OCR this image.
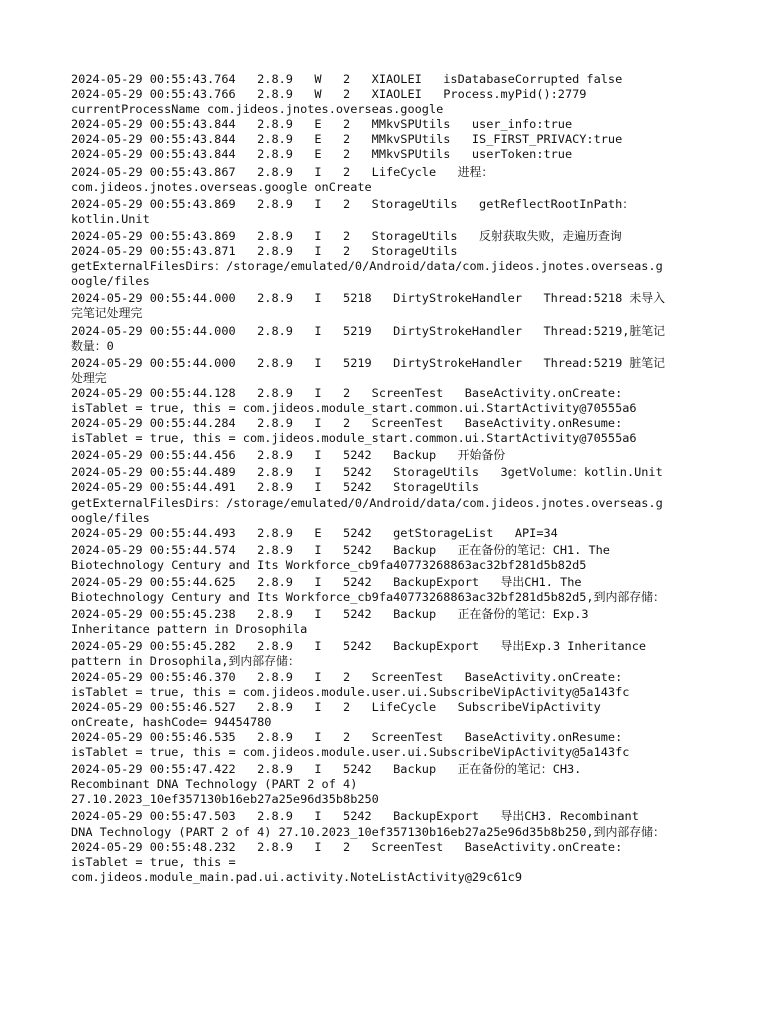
2024-05-29 00:55:43.764   2.8.9   W   2   XIAOLEI   isDatabaseCorrupted false
2024-05-29 00:55:43.766   2.8.9   W   2   XIAOLEI   Process.myPid():2779
currentProcessName com.jideos.jnotes.overseas.google
2024-05-29 00:55:43.844   2.8.9   E   2   MMkvSPUtils   user_info:true
2024-05-29 00:55:43.844   2.8.9   E   2   MMkvSPUtils   IS_FIRST_PRIVACY:true
2024-05-29 00:55:43.844   2.8.9   E   2   MMkvSPUtils   userToken:true
2024-05-29 00:55:43.867   2.8.9   I   2   LifeCycle   进程：
com.jideos.jnotes.overseas.google onCreate
2024-05-29 00:55:43.869   2.8.9   I   2   StorageUtils   getReflectRootInPath：
kotlin.Unit
2024-05-29 00:55:43.869   2.8.9   I   2   StorageUtils   反射获取失败，走遍历查询
2024-05-29 00:55:43.871   2.8.9   I   2   StorageUtils
getExternalFilesDirs：/storage/emulated/0/Android/data/com.jideos.jnotes.overseas.g
oogle/files
2024-05-29 00:55:44.000   2.8.9   I   5218   DirtyStrokeHandler   Thread:5218 未导入
完笔记处理完
2024-05-29 00:55:44.000   2.8.9   I   5219   DirtyStrokeHandler   Thread:5219,脏笔记
数量：0
2024-05-29 00:55:44.000   2.8.9   I   5219   DirtyStrokeHandler   Thread:5219 脏笔记
处理完
2024-05-29 00:55:44.128   2.8.9   I   2   ScreenTest   BaseActivity.onCreate:
isTablet = true, this = com.jideos.module_start.common.ui.StartActivity@70555a6
2024-05-29 00:55:44.284   2.8.9   I   2   ScreenTest   BaseActivity.onResume:
isTablet = true, this = com.jideos.module_start.common.ui.StartActivity@70555a6
2024-05-29 00:55:44.456   2.8.9   I   5242   Backup   开始备份
2024-05-29 00:55:44.489   2.8.9   I   5242   StorageUtils   3getVolume：kotlin.Unit
2024-05-29 00:55:44.491   2.8.9   I   5242   StorageUtils
getExternalFilesDirs：/storage/emulated/0/Android/data/com.jideos.jnotes.overseas.g
oogle/files
2024-05-29 00:55:44.493   2.8.9   E   5242   getStorageList   API=34
2024-05-29 00:55:44.574   2.8.9   I   5242   Backup   正在备份的笔记：CH1. The
Biotechnology Century and Its Workforce_cb9fa40773268863ac32bf281d5b82d5
2024-05-29 00:55:44.625   2.8.9   I   5242   BackupExport   导出CH1. The
Biotechnology Century and Its Workforce_cb9fa40773268863ac32bf281d5b82d5,到内部存储：
2024-05-29 00:55:45.238   2.8.9   I   5242   Backup   正在备份的笔记：Exp.3
Inheritance pattern in Drosophila
2024-05-29 00:55:45.282   2.8.9   I   5242   BackupExport   导出Exp.3 Inheritance
pattern in Drosophila,到内部存储：
2024-05-29 00:55:46.370   2.8.9   I   2   ScreenTest   BaseActivity.onCreate:
isTablet = true, this = com.jideos.module.user.ui.SubscribeVipActivity@5a143fc
2024-05-29 00:55:46.527   2.8.9   I   2   LifeCycle   SubscribeVipActivity
onCreate, hashCode= 94454780
2024-05-29 00:55:46.535   2.8.9   I   2   ScreenTest   BaseActivity.onResume:
isTablet = true, this = com.jideos.module.user.ui.SubscribeVipActivity@5a143fc
2024-05-29 00:55:47.422   2.8.9   I   5242   Backup   正在备份的笔记：CH3.
Recombinant DNA Technology (PART 2 of 4)
27.10.2023_10ef357130b16eb27a25e96d35b8b250
2024-05-29 00:55:47.503   2.8.9   I   5242   BackupExport   导出CH3. Recombinant
DNA Technology (PART 2 of 4) 27.10.2023_10ef357130b16eb27a25e96d35b8b250,到内部存储：
2024-05-29 00:55:48.232   2.8.9   I   2   ScreenTest   BaseActivity.onCreate:
isTablet = true, this =
com.jideos.module_main.pad.ui.activity.NoteListActivity@29c61c9
